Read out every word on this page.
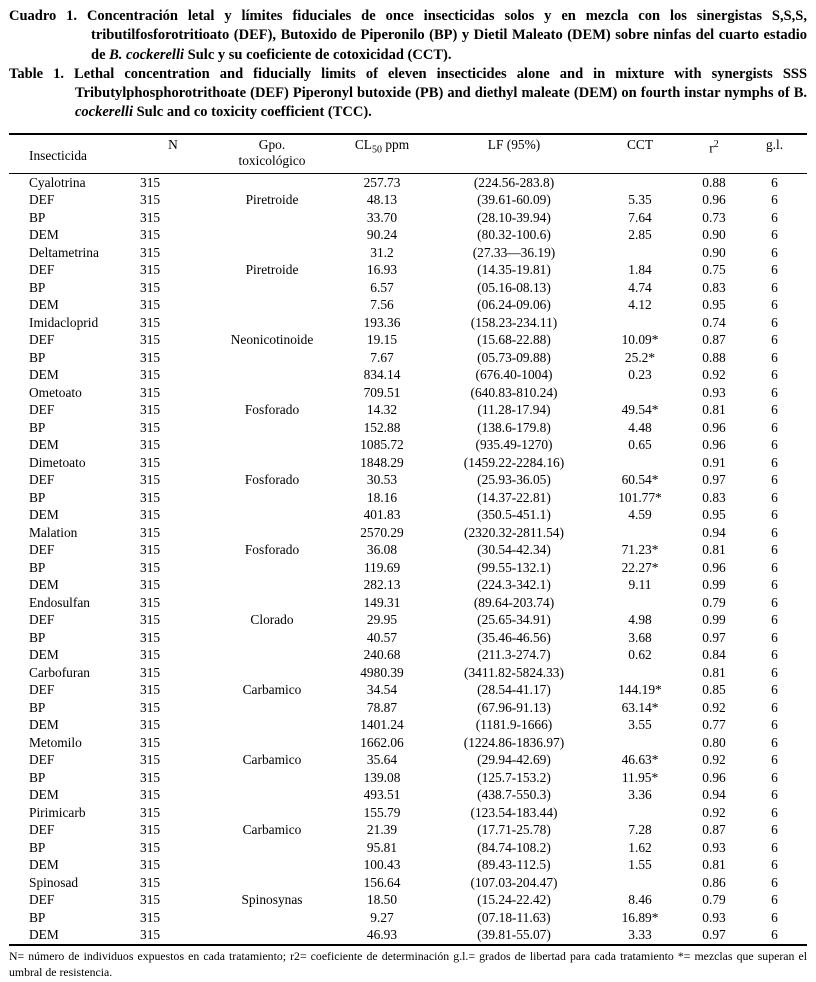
Cuadro 1. Concentración letal y límites fiduciales de once insecticidas solos y en mezcla con los sinergistas S,S,S, tributilfosforotritioato (DEF), Butoxido de Piperonilo (BP) y Dietil Maleato (DEM) sobre ninfas del cuarto estadio de B. cockerelli Sulc y su coeficiente de cotoxicidad (CCT).

Table 1. Lethal concentration and fiducially limits of eleven insecticides alone and in mixture with synergists SSS Tributylphosphorotrithoate (DEF) Piperonyl butoxide (PB) and diethyl maleate (DEM) on fourth instar nymphs of B. cockerelli Sulc and co toxicity coefficient (TCC).

Insecticida	N	Gpo.
toxicológico	$CL_{50}$ ppm	LF (95%)	CCT	$r^2$	g.l.
Cyalotrina	315		257.73	(224.56-283.8)		0.88	6
DEF	315	Piretroide	48.13	(39.61-60.09)	5.35	0.96	6
BP	315		33.70	(28.10-39.94)	7.64	0.73	6
DEM	315		90.24	(80.32-100.6)	2.85	0.90	6
Deltametrina	315		31.2	(27.33—36.19)		0.90	6
DEF	315	Piretroide	16.93	(14.35-19.81)	1.84	0.75	6
BP	315		6.57	(05.16-08.13)	4.74	0.83	6
DEM	315		7.56	(06.24-09.06)	4.12	0.95	6
Imidacloprid	315		193.36	(158.23-234.11)		0.74	6
DEF	315	Neonicotinoide	19.15	(15.68-22.88)	10.09*	0.87	6
BP	315		7.67	(05.73-09.88)	25.2*	0.88	6
DEM	315		834.14	(676.40-1004)	0.23	0.92	6
Ometoato	315		709.51	(640.83-810.24)		0.93	6
DEF	315	Fosforado	14.32	(11.28-17.94)	49.54*	0.81	6
BP	315		152.88	(138.6-179.8)	4.48	0.96	6
DEM	315		1085.72	(935.49-1270)	0.65	0.96	6
Dimetoato	315		1848.29	(1459.22-2284.16)		0.91	6
DEF	315	Fosforado	30.53	(25.93-36.05)	60.54*	0.97	6
BP	315		18.16	(14.37-22.81)	101.77*	0.83	6
DEM	315		401.83	(350.5-451.1)	4.59	0.95	6
Malation	315		2570.29	(2320.32-2811.54)		0.94	6
DEF	315	Fosforado	36.08	(30.54-42.34)	71.23*	0.81	6
BP	315		119.69	(99.55-132.1)	22.27*	0.96	6
DEM	315		282.13	(224.3-342.1)	9.11	0.99	6
Endosulfan	315		149.31	(89.64-203.74)		0.79	6
DEF	315	Clorado	29.95	(25.65-34.91)	4.98	0.99	6
BP	315		40.57	(35.46-46.56)	3.68	0.97	6
DEM	315		240.68	(211.3-274.7)	0.62	0.84	6
Carbofuran	315		4980.39	(3411.82-5824.33)		0.81	6
DEF	315	Carbamico	34.54	(28.54-41.17)	144.19*	0.85	6
BP	315		78.87	(67.96-91.13)	63.14*	0.92	6
DEM	315		1401.24	(1181.9-1666)	3.55	0.77	6
Metomilo	315		1662.06	(1224.86-1836.97)		0.80	6
DEF	315	Carbamico	35.64	(29.94-42.69)	46.63*	0.92	6
BP	315		139.08	(125.7-153.2)	11.95*	0.96	6
DEM	315		493.51	(438.7-550.3)	3.36	0.94	6
Pirimicarb	315		155.79	(123.54-183.44)		0.92	6
DEF	315	Carbamico	21.39	(17.71-25.78)	7.28	0.87	6
BP	315		95.81	(84.74-108.2)	1.62	0.93	6
DEM	315		100.43	(89.43-112.5)	1.55	0.81	6
Spinosad	315		156.64	(107.03-204.47)		0.86	6
DEF	315	Spinosynas	18.50	(15.24-22.42)	8.46	0.79	6
BP	315		9.27	(07.18-11.63)	16.89*	0.93	6
DEM	315		46.93	(39.81-55.07)	3.33	0.97	6

N= número de individuos expuestos en cada tratamiento; r2= coeficiente de determinación g.l.= grados de libertad para cada tratamiento *= mezclas que superan el umbral de resistencia.
